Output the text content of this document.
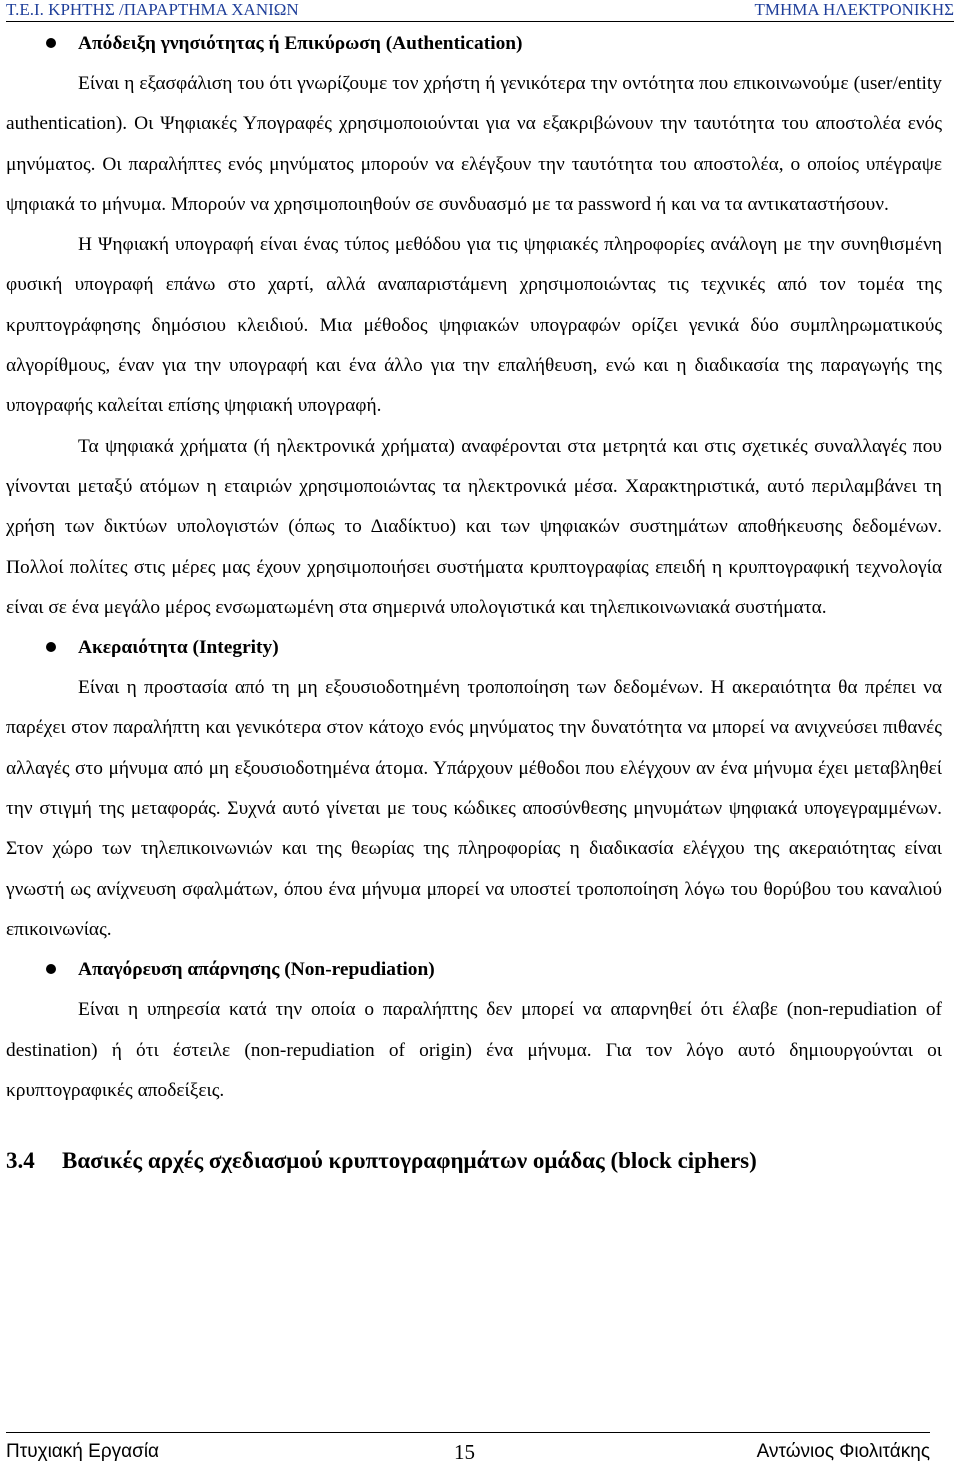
Τ.Ε.Ι. ΚΡΗΤΗΣ /ΠΑΡΑΡΤΗΜΑ ΧΑΝΙΩΝ	ΤΜΗΜΑ ΗΛΕΚΤΡΟΝΙΚΗΣ
Απόδειξη γνησιότητας ή Επικύρωση (Authentication)

Είναι η εξασφάλιση του ότι γνωρίζουμε τον χρήστη ή γενικότερα την οντότητα που επικοινωνούμε (user/entity authentication). Οι Ψηφιακές Υπογραφές χρησιμοποιούνται για να εξακριβώνουν την ταυτότητα του αποστολέα ενός μηνύματος. Οι παραλήπτες ενός μηνύματος μπορούν να ελέγξουν την ταυτότητα του αποστολέα, ο οποίος υπέγραψε ψηφιακά το μήνυμα. Μπορούν να χρησιμοποιηθούν σε συνδυασμό με τα password ή και να τα αντικαταστήσουν.

Η Ψηφιακή υπογραφή είναι ένας τύπος μεθόδου για τις ψηφιακές πληροφορίες ανάλογη με την συνηθισμένη φυσική υπογραφή επάνω στο χαρτί, αλλά αναπαριστάμενη χρησιμοποιώντας τις τεχνικές από τον τομέα της κρυπτογράφησης δημόσιου κλειδιού. Μια μέθοδος ψηφιακών υπογραφών ορίζει γενικά δύο συμπληρωματικούς αλγορίθμους, έναν για την υπογραφή και ένα άλλο για την επαλήθευση, ενώ και η διαδικασία της παραγωγής της υπογραφής καλείται επίσης ψηφιακή υπογραφή.

Τα ψηφιακά χρήματα (ή ηλεκτρονικά χρήματα) αναφέρονται στα μετρητά και στις σχετικές συναλλαγές που γίνονται μεταξύ ατόμων η εταιριών χρησιμοποιώντας τα ηλεκτρονικά μέσα. Χαρακτηριστικά, αυτό περιλαμβάνει τη χρήση των δικτύων υπολογιστών (όπως το Διαδίκτυο) και των ψηφιακών συστημάτων αποθήκευσης δεδομένων. Πολλοί πολίτες στις μέρες μας έχουν χρησιμοποιήσει συστήματα κρυπτογραφίας επειδή η κρυπτογραφική τεχνολογία είναι σε ένα μεγάλο μέρος ενσωματωμένη στα σημερινά υπολογιστικά και τηλεπικοινωνιακά συστήματα.

Ακεραιότητα (Integrity)

Είναι η προστασία από τη μη εξουσιοδοτημένη τροποποίηση των δεδομένων. Η ακεραιότητα θα πρέπει να παρέχει στον παραλήπτη και γενικότερα στον κάτοχο ενός μηνύματος την δυνατότητα να μπορεί να ανιχνεύσει πιθανές αλλαγές στο μήνυμα από μη εξουσιοδοτημένα άτομα. Υπάρχουν μέθοδοι που ελέγχουν αν ένα μήνυμα έχει μεταβληθεί την στιγμή της μεταφοράς. Συχνά αυτό γίνεται με τους κώδικες αποσύνθεσης μηνυμάτων ψηφιακά υπογεγραμμένων. Στον χώρο των τηλεπικοινωνιών και της θεωρίας της πληροφορίας η διαδικασία ελέγχου της ακεραιότητας είναι γνωστή ως ανίχνευση σφαλμάτων, όπου ένα μήνυμα μπορεί να υποστεί τροποποίηση λόγω του θορύβου του καναλιού επικοινωνίας.

Απαγόρευση απάρνησης (Non-repudiation)

Είναι η υπηρεσία κατά την οποία ο παραλήπτης δεν μπορεί να απαρνηθεί ότι έλαβε (non-repudiation of destination) ή ότι έστειλε (non-repudiation of origin) ένα μήνυμα. Για τον λόγο αυτό δημιουργούνται οι κρυπτογραφικές αποδείξεις.

3.4 Βασικές αρχές σχεδιασμού κρυπτογραφημάτων ομάδας (block ciphers)
Πτυχιακή Εργασία	15	Αντώνιος Φιολιτάκης
